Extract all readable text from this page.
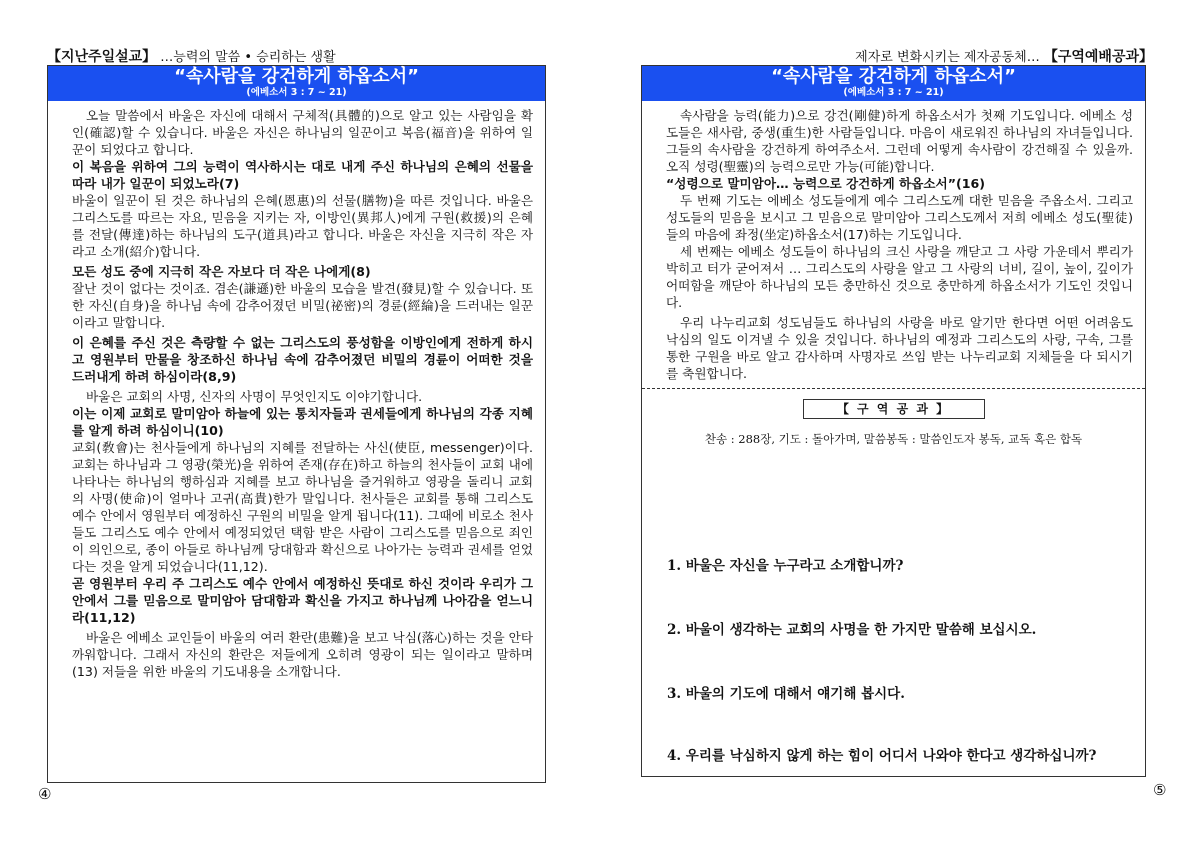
【지난주일설교】 …능력의 말씀 • 승리하는 생활	제자로 변화시키는 제자공동체… 【구역예배공과】
“속사람을 강건하게 하옵소서”
(에베소서 3 : 7 ~ 21)

오늘 말씀에서 바울은 자신에 대해서 구체적(具體的)으로 알고 있는 사람임을 확인(確認)할 수 있습니다. 바울은 자신은 하나님의 일꾼이고 복음(福音)을 위하여 일꾼이 되었다고 합니다.

이 복음을 위하여 그의 능력이 역사하시는 대로 내게 주신 하나님의 은혜의 선물을 따라 내가 일꾼이 되었노라(7)

바울이 일꾼이 된 것은 하나님의 은혜(恩惠)의 선물(膳物)을 따른 것입니다. 바울은 그리스도를 따르는 자요, 믿음을 지키는 자, 이방인(異邦人)에게 구원(救援)의 은혜를 전달(傳達)하는 하나님의 도구(道具)라고 합니다. 바울은 자신을 지극히 작은 자라고 소개(紹介)합니다.

모든 성도 중에 지극히 작은 자보다 더 작은 나에게(8)

잘난 것이 없다는 것이죠. 겸손(謙遜)한 바울의 모습을 발견(發見)할 수 있습니다. 또한 자신(自身)을 하나님 속에 감추어졌던 비밀(祕密)의 경륜(經綸)을 드러내는 일꾼이라고 말합니다.

이 은혜를 주신 것은 측량할 수 없는 그리스도의 풍성함을 이방인에게 전하게 하시고 영원부터 만물을 창조하신 하나님 속에 감추어졌던 비밀의 경륜이 어떠한 것을 드러내게 하려 하심이라(8,9)

바울은 교회의 사명, 신자의 사명이 무엇인지도 이야기합니다.

이는 이제 교회로 말미암아 하늘에 있는 통치자들과 권세들에게 하나님의 각종 지혜를 알게 하려 하심이니(10)

교회(敎會)는 천사들에게 하나님의 지혜를 전달하는 사신(使臣, messenger)이다. 교회는 하나님과 그 영광(榮光)을 위하여 존재(存在)하고 하늘의 천사들이 교회 내에 나타나는 하나님의 행하심과 지혜를 보고 하나님을 즐거워하고 영광을 돌리니 교회의 사명(使命)이 얼마나 고귀(高貴)한가 말입니다. 천사들은 교회를 통해 그리스도 예수 안에서 영원부터 예정하신 구원의 비밀을 알게 됩니다(11). 그때에 비로소 천사들도 그리스도 예수 안에서 예정되었던 택함 받은 사람이 그리스도를 믿음으로 죄인이 의인으로, 종이 아들로 하나님께 당대함과 확신으로 나아가는 능력과 권세를 얻었다는 것을 알게 되었습니다(11,12).

곧 영원부터 우리 주 그리스도 예수 안에서 예정하신 뜻대로 하신 것이라 우리가 그 안에서 그를 믿음으로 말미암아 담대함과 확신을 가지고 하나님께 나아감을 얻느니라(11,12)

바울은 에베소 교인들이 바울의 여러 환란(患難)을 보고 낙심(落心)하는 것을 안타까워합니다. 그래서 자신의 환란은 저들에게 오히려 영광이 되는 일이라고 말하며(13) 저들을 위한 바울의 기도내용을 소개합니다.

“속사람을 강건하게 하옵소서”
(에베소서 3 : 7 ~ 21)

속사람을 능력(能力)으로 강건(剛健)하게 하옵소서가 첫째 기도입니다. 에베소 성도들은 새사람, 중생(重生)한 사람들입니다. 마음이 새로워진 하나님의 자녀들입니다. 그들의 속사람을 강건하게 하여주소서. 그런데 어떻게 속사람이 강건해질 수 있을까. 오직 성령(聖靈)의 능력으로만 가능(可能)합니다.

“성령으로 말미암아… 능력으로 강건하게 하옵소서”(16)

두 번째 기도는 에베소 성도들에게 예수 그리스도께 대한 믿음을 주옵소서. 그리고 성도들의 믿음을 보시고 그 믿음으로 말미암아 그리스도께서 저희 에베소 성도(聖徒)들의 마음에 좌정(坐定)하옵소서(17)하는 기도입니다.

세 번째는 에베소 성도들이 하나님의 크신 사랑을 깨닫고 그 사랑 가운데서 뿌리가 박히고 터가 굳어져서 … 그리스도의 사랑을 알고 그 사랑의 너비, 길이, 높이, 깊이가 어떠함을 깨닫아 하나님의 모든 충만하신 것으로 충만하게 하옵소서가 기도인 것입니다.

우리 나누리교회 성도님들도 하나님의 사랑을 바로 알기만 한다면 어떤 어려움도 낙심의 일도 이겨낼 수 있을 것입니다. 하나님의 예정과 그리스도의 사랑, 구속, 그를 통한 구원을 바로 알고 감사하며 사명자로 쓰임 받는 나누리교회 지체들을 다 되시기를 축원합니다.

【 구 역 공 과 】
찬송 : 288장, 기도 : 돌아가며, 말씀봉독 : 말씀인도자 봉독, 교독 혹은 합독
1. 바울은 자신을 누구라고 소개합니까?
2. 바울이 생각하는 교회의 사명을 한 가지만 말씀해 보십시오.
3. 바울의 기도에 대해서 얘기해 봅시다.
4. 우리를 낙심하지 않게 하는 힘이 어디서 나와야 한다고 생각하십니까?
④	⑤
